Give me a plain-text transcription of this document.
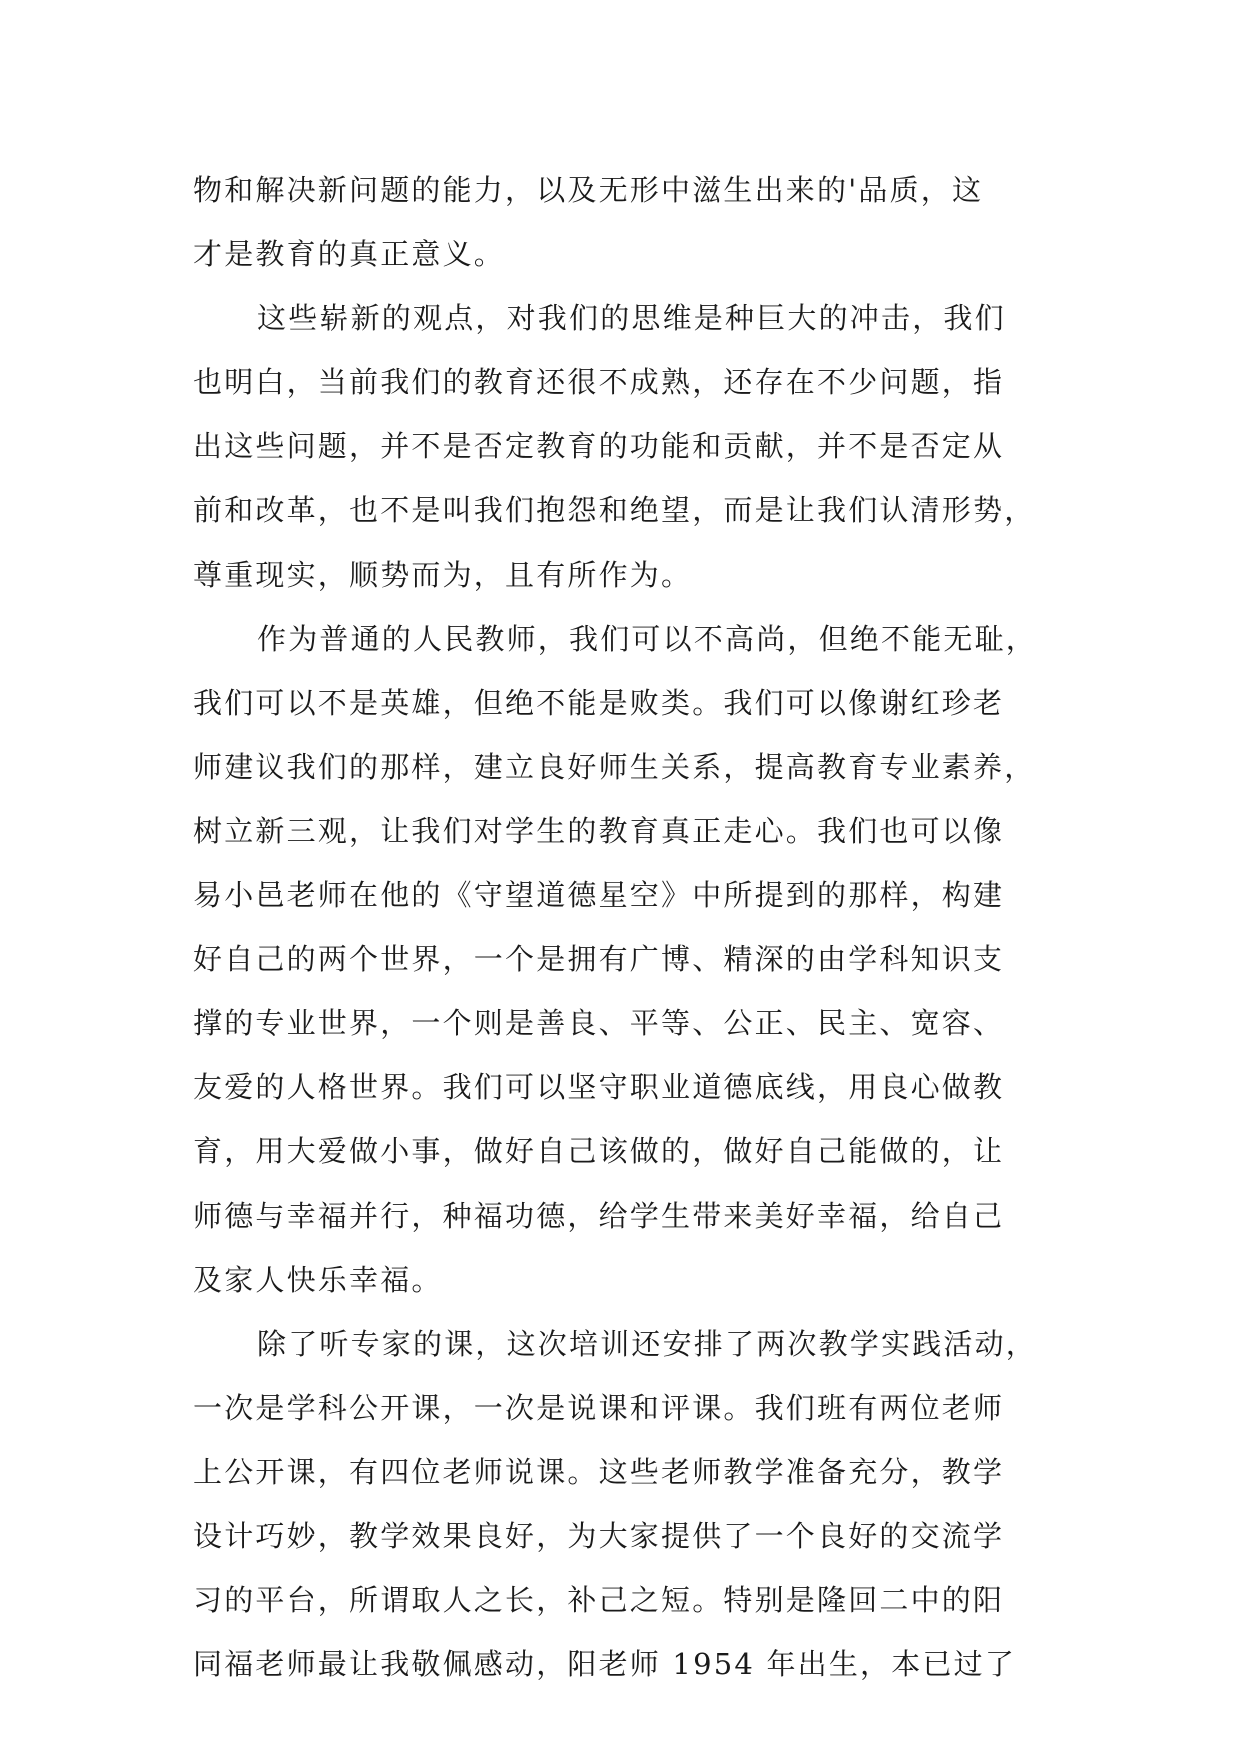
物和解决新问题的能力，以及无形中滋生出来的'品质，这
才是教育的真正意义。
这些崭新的观点，对我们的思维是种巨大的冲击，我们
也明白，当前我们的教育还很不成熟，还存在不少问题，指
出这些问题，并不是否定教育的功能和贡献，并不是否定从
前和改革，也不是叫我们抱怨和绝望，而是让我们认清形势，
尊重现实，顺势而为，且有所作为。
作为普通的人民教师，我们可以不高尚，但绝不能无耻，
我们可以不是英雄，但绝不能是败类。我们可以像谢红珍老
师建议我们的那样，建立良好师生关系，提高教育专业素养，
树立新三观，让我们对学生的教育真正走心。我们也可以像
易小邑老师在他的《守望道德星空》中所提到的那样，构建
好自己的两个世界，一个是拥有广博、精深的由学科知识支
撑的专业世界，一个则是善良、平等、公正、民主、宽容、
友爱的人格世界。我们可以坚守职业道德底线，用良心做教
育，用大爱做小事，做好自己该做的，做好自己能做的，让
师德与幸福并行，种福功德，给学生带来美好幸福，给自己
及家人快乐幸福。
除了听专家的课，这次培训还安排了两次教学实践活动，
一次是学科公开课，一次是说课和评课。我们班有两位老师
上公开课，有四位老师说课。这些老师教学准备充分，教学
设计巧妙，教学效果良好，为大家提供了一个良好的交流学
习的平台，所谓取人之长，补己之短。特别是隆回二中的阳
同福老师最让我敬佩感动，阳老师 1954 年出生，本已过了
